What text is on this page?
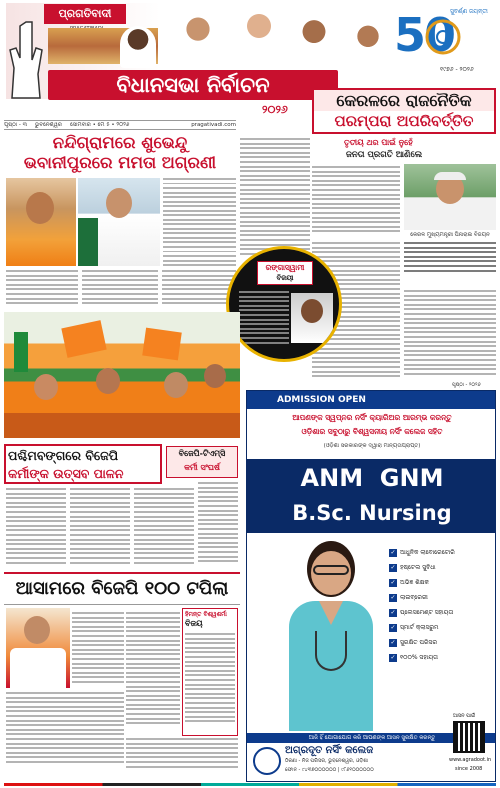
ପ୍ରଗତିବାଦୀ
ବିଧାନସଭା ନିର୍ବାଚନ
୨୦୨୬
50
ସୁବର୍ଣ୍ଣ ଜୟନ୍ତୀ
୧୯୭୬ - ୨୦୨୬
ପୃଷ୍ଠା - ୩ ଭୁବନେଶ୍ୱର ସୋମବାର • ମେ ୫ • ୨୦୨୬	pragativadi.com
ନନ୍ଦିଗ୍ରାମରେ ଶୁଭେନ୍ଦୁ
ଭବାନୀପୁରରେ ମମତା ଅଗ୍ରଣୀ
କେରଳରେ ରାଜନୈତିକ
ପରମ୍ପରା ଅପରିବର୍ତ୍ତିତ
ତୃତୀୟ ଥର ପାଇଁ ନୁହେଁ
ଜନତା ପ୍ରଗତି ଆଣିଲେ
କେରଳ ମୁଖ୍ୟମନ୍ତ୍ରୀ ପିନାରାଇ ବିଜୟନ
ରଙ୍ଗାସ୍ୱାମୀ
ବିଜୟୀ
ପଶ୍ଚିମବଙ୍ଗରେ ବିଜେପି
କର୍ମୀଙ୍କ ଉତ୍ସବ ପାଳନ
ବିଜେପି-ଟିଏମ୍‌ସି
କର୍ମୀ ସଂଘର୍ଷ
ଆସାମରେ ବିଜେପି ୧୦୦ ଟପିଲା
ହିମନ୍ତ ବିଶ୍ୱଶର୍ମା
ବିଜୟ
ପୃଷ୍ଠା - ୨୦୨୬
ADMISSION OPEN
ଆପଣଙ୍କ ସ୍ୱପ୍ନର ନର୍ସିଂ କ୍ୟାରିଅର ଆରମ୍ଭ କରନ୍ତୁ
ଓଡ଼ିଶାର ସବୁଠାରୁ ବିଶ୍ୱସନୀୟ ନର୍ସିଂ କଲେଜ ସହିତ
(ଓଡ଼ିଶା ସରକାରଙ୍କ ଦ୍ୱାରା ମାନ୍ୟତାପ୍ରାପ୍ତ)
ANM  GNM
B.Sc. Nursing
✓ ଆଧୁନିକ ଲାବୋରେଟୋରି
✓ ହଷ୍ଟେଲ ସୁବିଧା
✓ ଅଭିଜ୍ଞ ଶିକ୍ଷକ
✓ ଲାଇବ୍ରେରୀ
✓ ପ୍ଲେସମେଣ୍ଟ ସହାୟତା
✓ ସ୍ମାର୍ଟ କ୍ଲାସରୁମ
✓ ସୁରକ୍ଷିତ ପରିସର
✓ ୧୦୦% ସହାୟତା
ଆଜି ହିଁ ଯୋଗାଯୋଗ କରି ଆପଣଙ୍କ ଆସନ ସୁରକ୍ଷିତ କରନ୍ତୁ
ଅଗ୍ରଦୂତ ନର୍ସିଂ କଲେଜ
ଠିକଣା - ନିଜ ପରିସର, ଭୁବନେଶ୍ୱର, ଓଡ଼ିଶା
ଫୋନ - ୯୪୩୭୦୦୦୦୦୦ | ୯୮୬୧୦୦୦୦୦୦
ଆସନ ପାଇଁ
www.agradoot.in
since 2008
